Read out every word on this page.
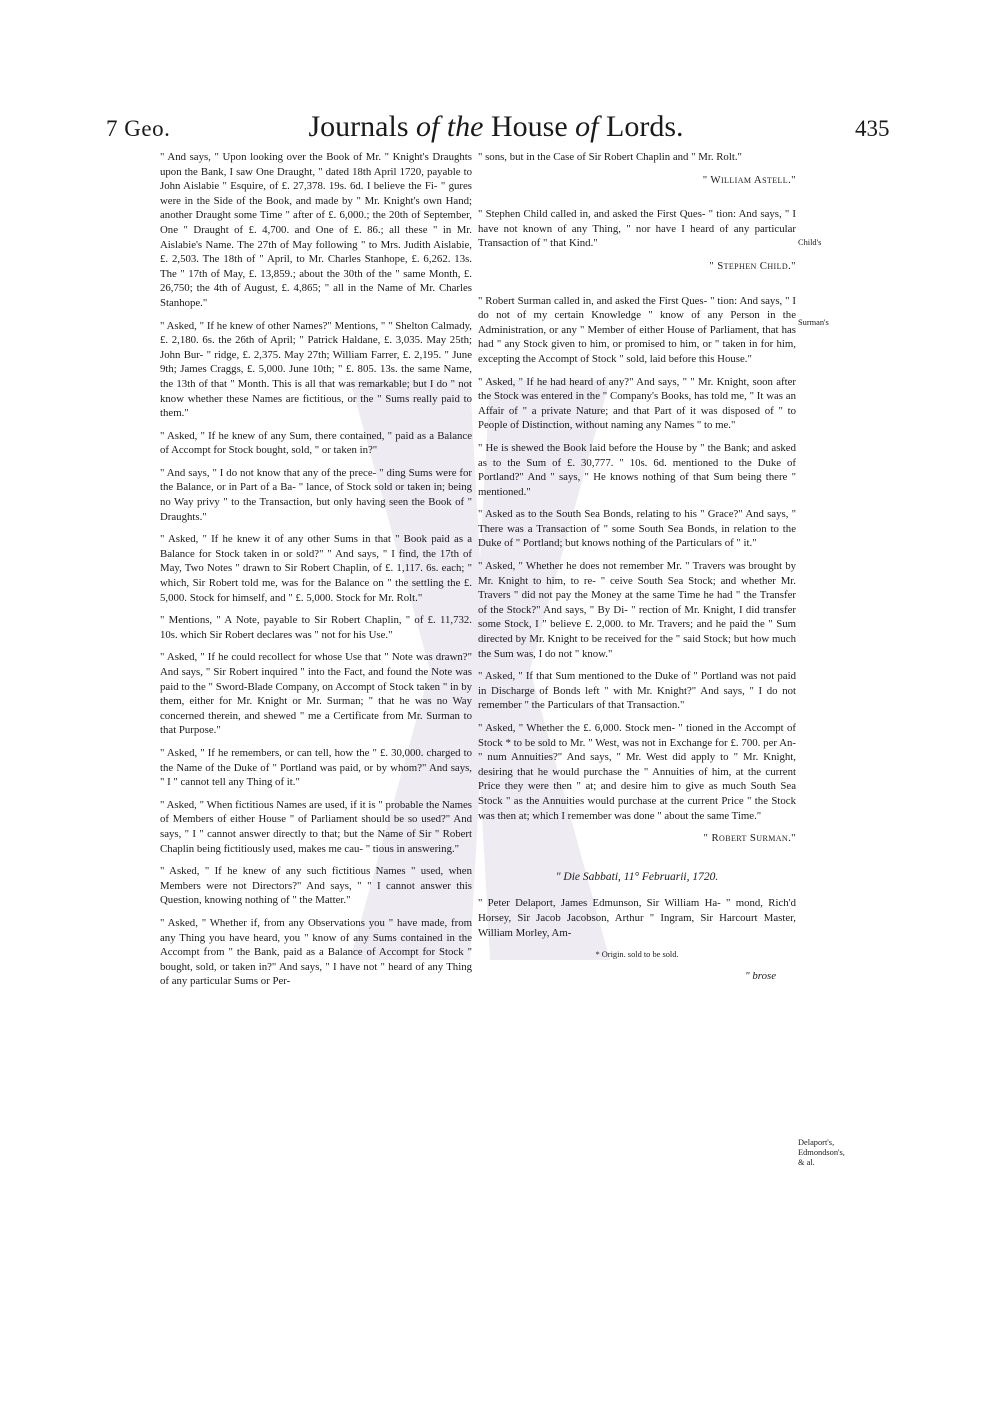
7 Geo.	Journals of the House of Lords.	435

" And says, " Upon looking over the Book of Mr. " Knight's Draughts upon the Bank, I saw One Draught, " dated 18th April 1720, payable to John Aislabie " Esquire, of £. 27,378. 19s. 6d. I believe the Fi- " gures were in the Side of the Book, and made by " Mr. Knight's own Hand; another Draught some Time " after of £. 6,000.; the 20th of September, One " Draught of £. 4,700. and One of £. 86.; all these " in Mr. Aislabie's Name. The 27th of May following " to Mrs. Judith Aislabie, £. 2,503. The 18th of " April, to Mr. Charles Stanhope, £. 6,262. 13s. The " 17th of May, £. 13,859.; about the 30th of the " same Month, £. 26,750; the 4th of August, £. 4,865; " all in the Name of Mr. Charles Stanhope."

" Asked, " If he knew of other Names?" Mentions, " " Shelton Calmady, £. 2,180. 6s. the 26th of April; " Patrick Haldane, £. 3,035. May 25th; John Bur- " ridge, £. 2,375. May 27th; William Farrer, £. 2,195. " June 9th; James Craggs, £. 5,000. June 10th; " £. 805. 13s. the same Name, the 13th of that " Month. This is all that was remarkable; but I do " not know whether these Names are fictitious, or the " Sums really paid to them."

" Asked, " If he knew of any Sum, there contained, " paid as a Balance of Accompt for Stock bought, sold, " or taken in?"

" And says, " I do not know that any of the prece- " ding Sums were for the Balance, or in Part of a Ba- " lance, of Stock sold or taken in; being no Way privy " to the Transaction, but only having seen the Book of " Draughts."

" Asked, " If he knew it of any other Sums in that " Book paid as a Balance for Stock taken in or sold?" " And says, " I find, the 17th of May, Two Notes " drawn to Sir Robert Chaplin, of £. 1,117. 6s. each; " which, Sir Robert told me, was for the Balance on " the settling the £. 5,000. Stock for himself, and " £. 5,000. Stock for Mr. Rolt."

" Mentions, " A Note, payable to Sir Robert Chaplin, " of £. 11,732. 10s. which Sir Robert declares was " not for his Use."

" Asked, " If he could recollect for whose Use that " Note was drawn?" And says, " Sir Robert inquired " into the Fact, and found the Note was paid to the " Sword-Blade Company, on Accompt of Stock taken " in by them, either for Mr. Knight or Mr. Surman; " that he was no Way concerned therein, and shewed " me a Certificate from Mr. Surman to that Purpose."

" Asked, " If he remembers, or can tell, how the " £. 30,000. charged to the Name of the Duke of " Portland was paid, or by whom?" And says, " I " cannot tell any Thing of it."

" Asked, " When fictitious Names are used, if it is " probable the Names of Members of either House " of Parliament should be so used?" And says, " I " cannot answer directly to that; but the Name of Sir " Robert Chaplin being fictitiously used, makes me cau- " tious in answering."

" Asked, " If he knew of any such fictitious Names " used, when Members were not Directors?" And says, " " I cannot answer this Question, knowing nothing of " the Matter."

" Asked, " Whether if, from any Observations you " have made, from any Thing you have heard, you " know of any Sums contained in the Accompt from " the Bank, paid as a Balance of Accompt for Stock " bought, sold, or taken in?" And says, " I have not " heard of any Thing of any particular Sums or Per-

" sons, but in the Case of Sir Robert Chaplin and " Mr. Rolt."

" William Astell."

" Stephen Child called in, and asked the First Ques- " tion: And says, " I have not known of any Thing, " nor have I heard of any particular Transaction of " that Kind."

" Stephen Child."

" Robert Surman called in, and asked the First Ques- " tion: And says, " I do not of my certain Knowledge " know of any Person in the Administration, or any " Member of either House of Parliament, that has had " any Stock given to him, or promised to him, or " taken in for him, excepting the Accompt of Stock " sold, laid before this House."

" Asked, " If he had heard of any?" And says, " " Mr. Knight, soon after the Stock was entered in the " Company's Books, has told me, " It was an Affair of " a private Nature; and that Part of it was disposed of " to People of Distinction, without naming any Names " to me."

" He is shewed the Book laid before the House by " the Bank; and asked as to the Sum of £. 30,777. " 10s. 6d. mentioned to the Duke of Portland?" And " says, " He knows nothing of that Sum being there " mentioned."

" Asked as to the South Sea Bonds, relating to his " Grace?" And says, " There was a Transaction of " some South Sea Bonds, in relation to the Duke of " Portland; but knows nothing of the Particulars of " it."

" Asked, " Whether he does not remember Mr. " Travers was brought by Mr. Knight to him, to re- " ceive South Sea Stock; and whether Mr. Travers " did not pay the Money at the same Time he had " the Transfer of the Stock?" And says, " By Di- " rection of Mr. Knight, I did transfer some Stock, I " believe £. 2,000. to Mr. Travers; and he paid the " Sum directed by Mr. Knight to be received for the " said Stock; but how much the Sum was, I do not " know."

" Asked, " If that Sum mentioned to the Duke of " Portland was not paid in Discharge of Bonds left " with Mr. Knight?" And says, " I do not remember " the Particulars of that Transaction."

" Asked, " Whether the £. 6,000. Stock men- " tioned in the Accompt of Stock * to be sold to Mr. " West, was not in Exchange for £. 700. per An- " num Annuities?" And says, " Mr. West did apply to " Mr. Knight, desiring that he would purchase the " Annuities of him, at the current Price they were then " at; and desire him to give as much South Sea Stock " as the Annuities would purchase at the current Price " the Stock was then at; which I remember was done " about the same Time."

" Robert Surman."
" Die Sabbati, 11° Februarii, 1720.

" Peter Delaport, James Edmunson, Sir William Ha- " mond, Rich'd Horsey, Sir Jacob Jacobson, Arthur " Ingram, Sir Harcourt Master, William Morley, Am-

* Origin. sold to be sold.
" brose
Child's
Surman's
Delaport's,
Edmondson's,
& al.
